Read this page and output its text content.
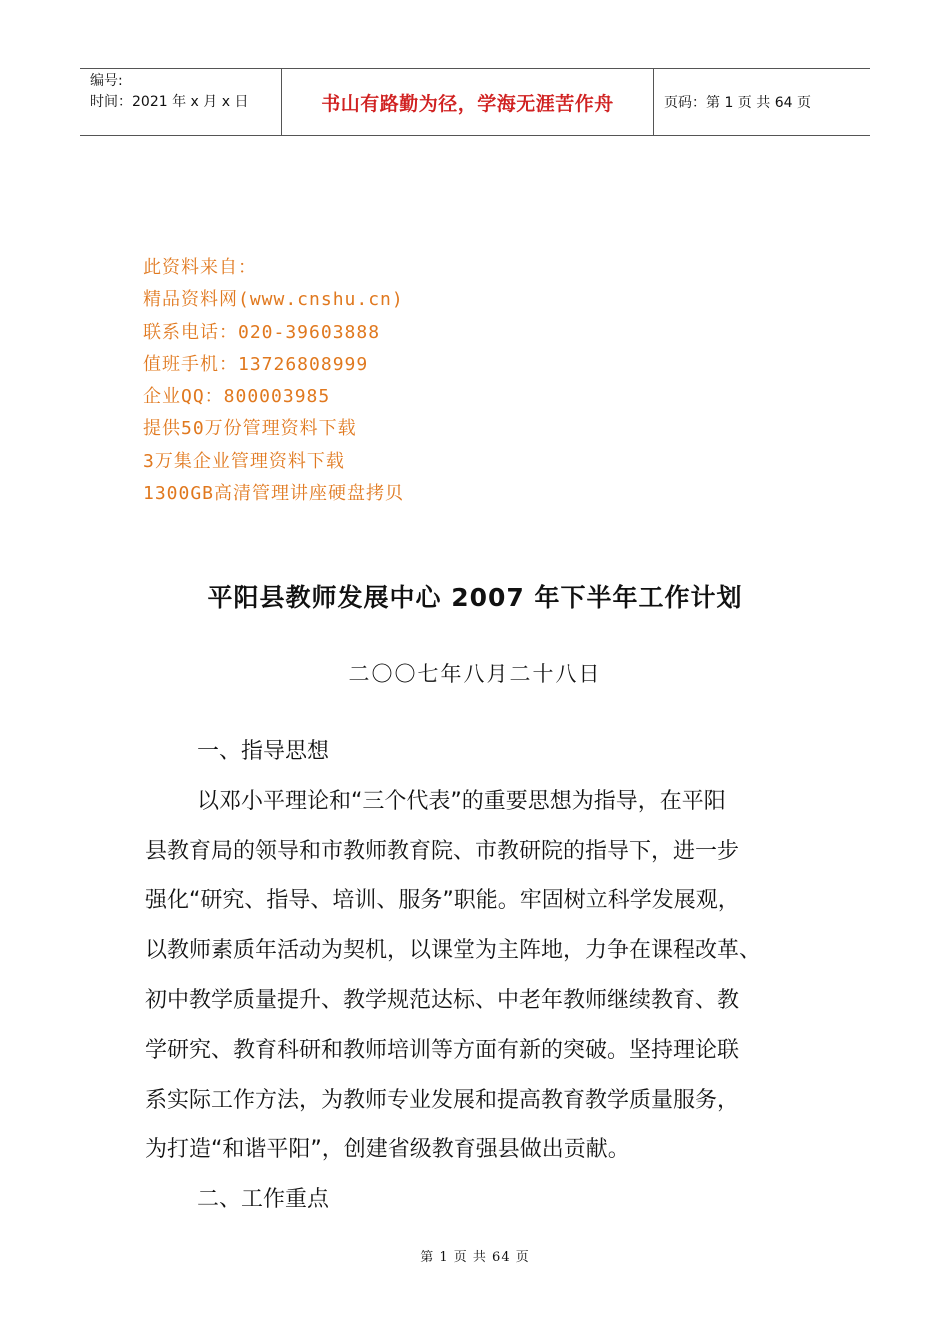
编号:
时间：2021 年 x 月 x 日	书山有路勤为径，学海无涯苦作舟	页码：第 1 页 共 64 页
此资料来自：
精品资料网(www.cnshu.cn)
联系电话：020-39603888
值班手机：13726808999
企业QQ：800003985
提供50万份管理资料下载
3万集企业管理资料下载
1300GB高清管理讲座硬盘拷贝
平阳县教师发展中心 2007 年下半年工作计划
二〇〇七年八月二十八日

一、指导思想

以邓小平理论和“三个代表”的重要思想为指导，在平阳
县教育局的领导和市教师教育院、市教研院的指导下，进一步
强化“研究、指导、培训、服务”职能。牢固树立科学发展观，
以教师素质年活动为契机，以课堂为主阵地，力争在课程改革、
初中教学质量提升、教学规范达标、中老年教师继续教育、教
学研究、教育科研和教师培训等方面有新的突破。坚持理论联
系实际工作方法，为教师专业发展和提高教育教学质量服务，
为打造“和谐平阳”，创建省级教育强县做出贡献。

二、工作重点

第 1 页 共 64 页
